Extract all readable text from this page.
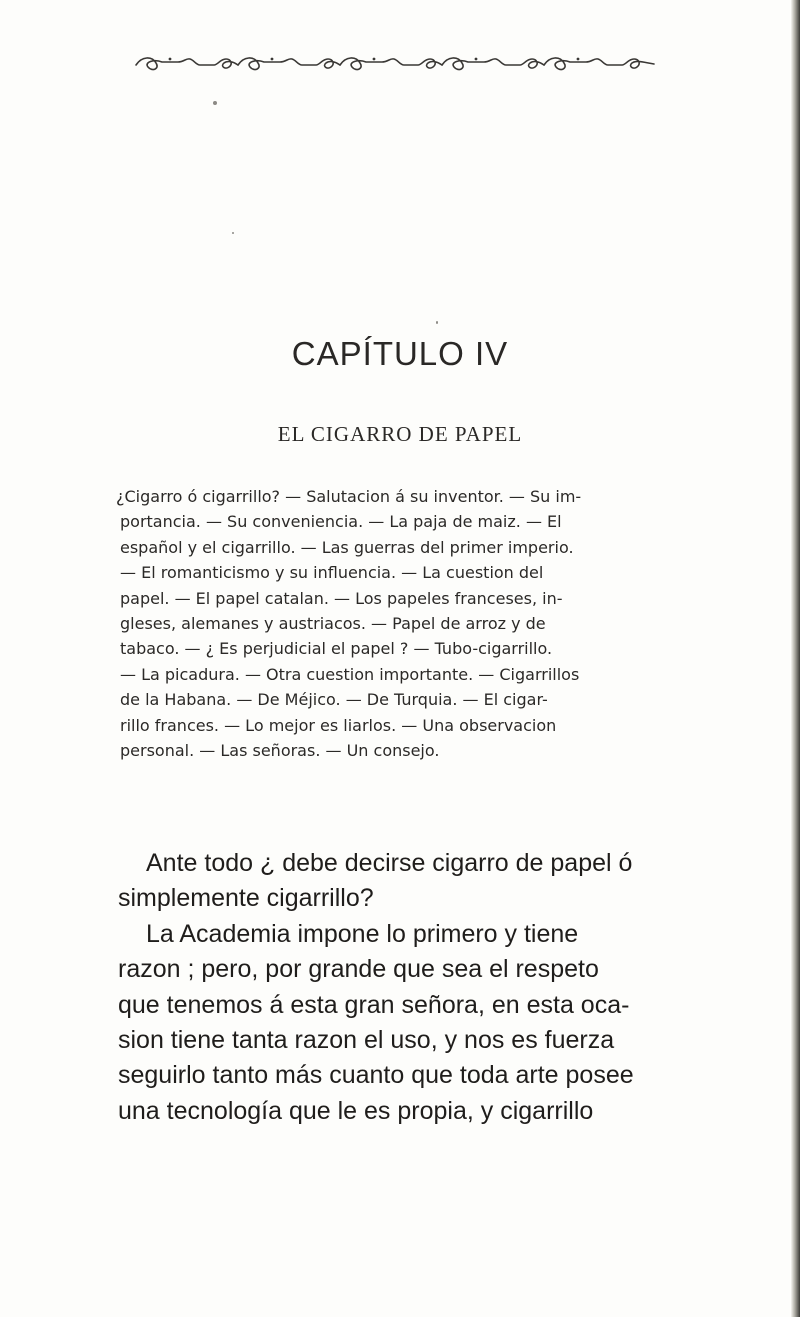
CAPÍTULO IV
EL CIGARRO DE PAPEL
¿Cigarro ó cigarrillo? — Salutacion á su inventor. — Su im-
portancia. — Su conveniencia. — La paja de maiz. — El
español y el cigarrillo. — Las guerras del primer imperio.
— El romanticismo y su influencia. — La cuestion del
papel. — El papel catalan. — Los papeles franceses, in-
gleses, alemanes y austriacos. — Papel de arroz y de
tabaco. — ¿ Es perjudicial el papel ? — Tubo-cigarrillo.
— La picadura. — Otra cuestion importante. — Cigarrillos
de la Habana. — De Méjico. — De Turquia. — El cigar-
rillo frances. — Lo mejor es liarlos. — Una observacion
personal. — Las señoras. — Un consejo.
Ante todo ¿ debe decirse cigarro de papel ó
simplemente cigarrillo?
La Academia impone lo primero y tiene
razon ; pero, por grande que sea el respeto
que tenemos á esta gran señora, en esta oca-
sion tiene tanta razon el uso, y nos es fuerza
seguirlo tanto más cuanto que toda arte posee
una tecnología que le es propia, y cigarrillo
